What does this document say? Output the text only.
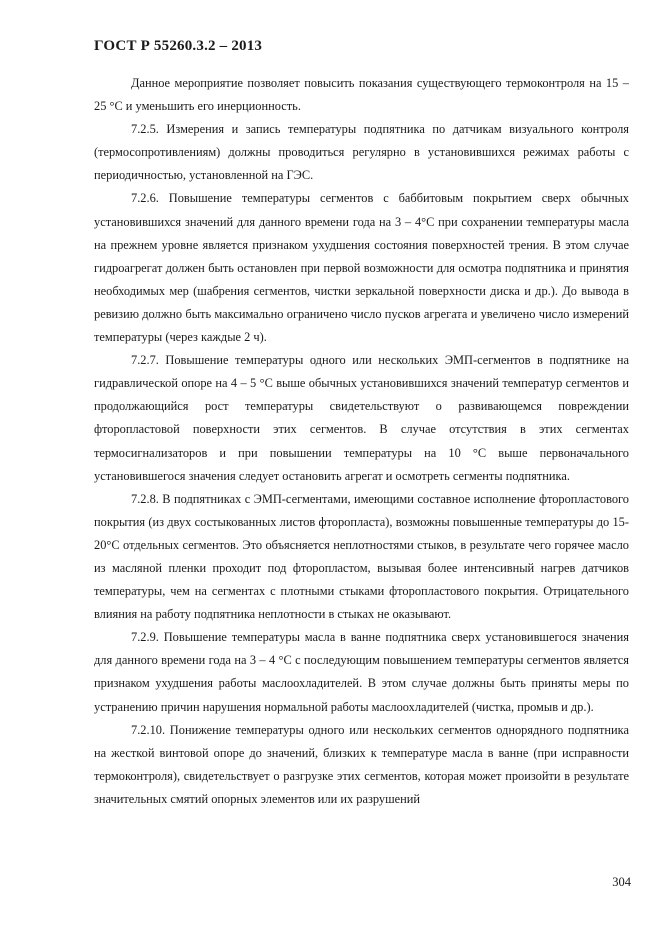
ГОСТ Р 55260.3.2 – 2013

Данное мероприятие позволяет повысить показания существующего термоконтроля на 15 – 25 °С и уменьшить его инерционность.

7.2.5. Измерения и запись температуры подпятника по датчикам визуального контроля (термосопротивлениям) должны проводиться регулярно в установившихся режимах работы с периодичностью, установленной на ГЭС.

7.2.6. Повышение температуры сегментов с баббитовым покрытием сверх обычных установившихся значений для данного времени года на 3 – 4°С при сохранении температуры масла на прежнем уровне является признаком ухудшения состояния поверхностей трения. В этом случае гидроагрегат должен быть остановлен при первой возможности для осмотра подпятника и принятия необходимых мер (шабрения сегментов, чистки зеркальной поверхности диска и др.). До вывода в ревизию должно быть максимально ограничено число пусков агрегата и увеличено число измерений температуры (через каждые 2 ч).

7.2.7. Повышение температуры одного или нескольких ЭМП-сегментов в подпятнике на гидравлической опоре на 4 – 5 °С выше обычных установившихся значений температур сегментов и продолжающийся рост температуры свидетельствуют о развивающемся повреждении фторопластовой поверхности этих сегментов. В случае отсутствия в этих сегментах термосигнализаторов и при повышении температуры на 10 °С выше первоначального установившегося значения следует остановить агрегат и осмотреть сегменты подпятника.

7.2.8. В подпятниках с ЭМП-сегментами, имеющими составное исполнение фторопластового покрытия (из двух состыкованных листов фторопласта), возможны повышенные температуры до 15-20°С отдельных сегментов. Это объясняется неплотностями стыков, в результате чего горячее масло из масляной пленки проходит под фторопластом, вызывая более интенсивный нагрев датчиков температуры, чем на сегментах с плотными стыками фторопластового покрытия. Отрицательного влияния на работу подпятника неплотности в стыках не оказывают.

7.2.9. Повышение температуры масла в ванне подпятника сверх установившегося значения для данного времени года на 3 – 4 °С с последующим повышением температуры сегментов является признаком ухудшения работы маслоохладителей. В этом случае должны быть приняты меры по устранению причин нарушения нормальной работы маслоохладителей (чистка, промыв и др.).

7.2.10. Понижение температуры одного или нескольких сегментов однорядного подпятника на жесткой винтовой опоре до значений, близких к температуре масла в ванне (при исправности термоконтроля), свидетельствует о разгрузке этих сегментов, которая может произойти в результате значительных смятий опорных элементов или их разрушений

304
